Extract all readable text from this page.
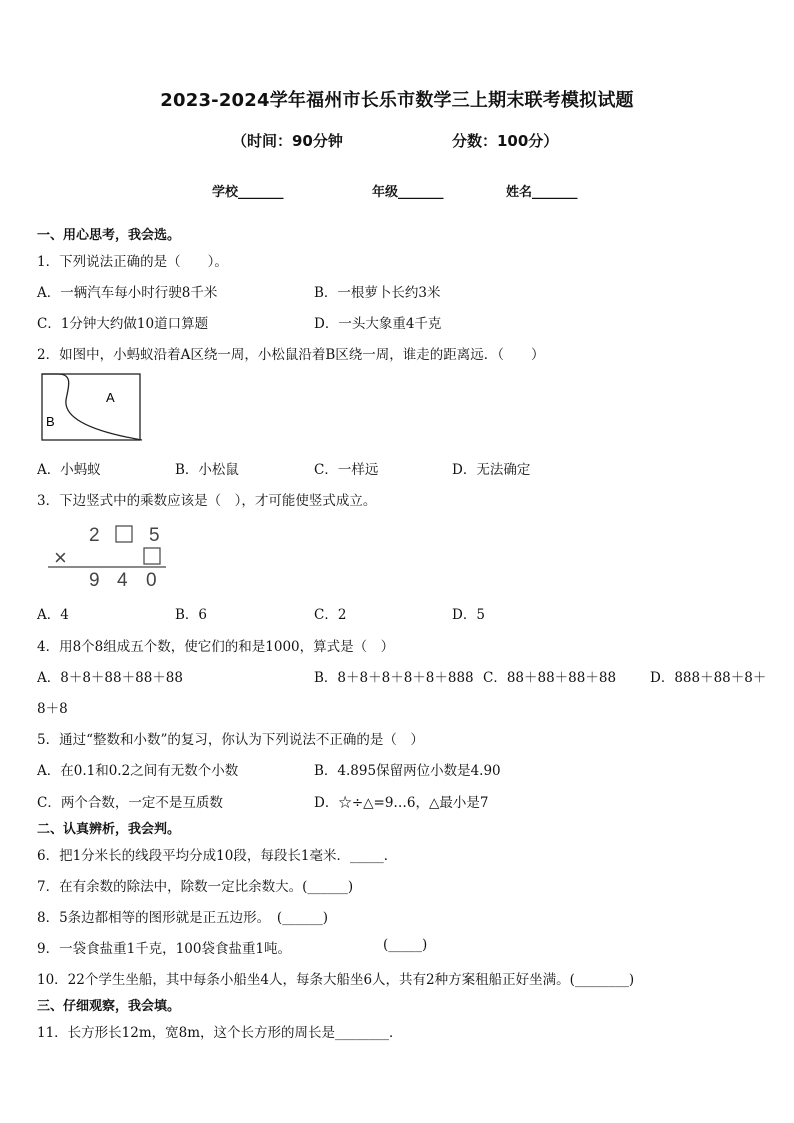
2023-2024学年福州市长乐市数学三上期末联考模拟试题
（时间：90分钟	分数：100分）
学校_______	年级_______	姓名_______
一、用心思考，我会选。
1．下列说法正确的是（　　）。
A．一辆汽车每小时行驶8千米	B．一根萝卜长约3米
C．1分钟大约做10道口算题	D．一头大象重4千克
2．如图中，小蚂蚁沿着A区绕一周，小松鼠沿着B区绕一周，谁走的距离远．（　　）
A
B
A．小蚂蚁	B．小松鼠	C．一样远	D．无法确定
3．下边竖式中的乘数应该是（　），才可能使竖式成立。
2	5
×
9 4 0
A．4	B．6	C．2	D．5
4．用8个8组成五个数，使它们的和是1000，算式是（　）
A．8＋8＋88＋88＋88	B．8＋8＋8＋8＋8＋888 C．88＋88＋88＋88	D．888＋88＋8＋
8＋8
5．通过“整数和小数”的复习，你认为下列说法不正确的是（　）
A．在0.1和0.2之间有无数个小数	B．4.895保留两位小数是4.90
C．两个合数，一定不是互质数	D．☆÷△=9…6，△最小是7
二、认真辨析，我会判。
6．把1分米长的线段平均分成10段，每段长1毫米．_____．
7．在有余数的除法中，除数一定比余数大。(______)
8．5条边都相等的图形就是正五边形。　(______)
9．一袋食盐重1千克，100袋食盐重1吨。	(_____)
10．22个学生坐船，其中每条小船坐4人，每条大船坐6人，共有2种方案租船正好坐满。(________)
三、仔细观察，我会填。
11．长方形长12m，宽8m，这个长方形的周长是________．
